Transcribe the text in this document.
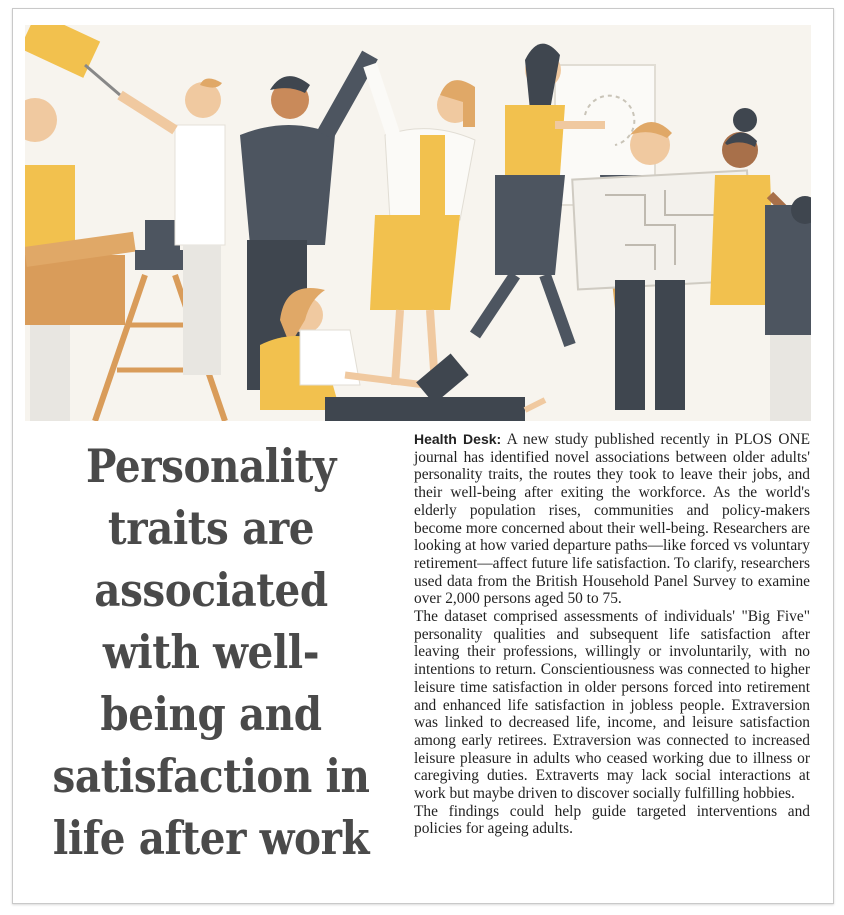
Personality traits are associated with well-being and satisfaction in life after work

Health Desk: A new study published recently in PLOS ONE journal has identified novel associations between older adults' personality traits, the routes they took to leave their jobs, and their well-being after exiting the workforce. As the world's elderly population rises, communities and policy-makers become more concerned about their well-being. Researchers are looking at how varied departure paths—like forced vs voluntary retirement—affect future life satisfaction. To clarify, researchers used data from the British Household Panel Survey to examine over 2,000 persons aged 50 to 75.

The dataset comprised assessments of individuals' "Big Five" personality qualities and subsequent life satisfaction after leaving their professions, willingly or involuntarily, with no intentions to return. Conscientiousness was connected to higher leisure time satisfaction in older persons forced into retirement and enhanced life satisfaction in jobless people. Extraversion was linked to decreased life, income, and leisure satisfaction among early retirees. Extraversion was connected to increased leisure pleasure in adults who ceased working due to illness or caregiving duties. Extraverts may lack social interactions at work but maybe driven to discover socially fulfilling hobbies.

The findings could help guide targeted interventions and policies for ageing adults.
